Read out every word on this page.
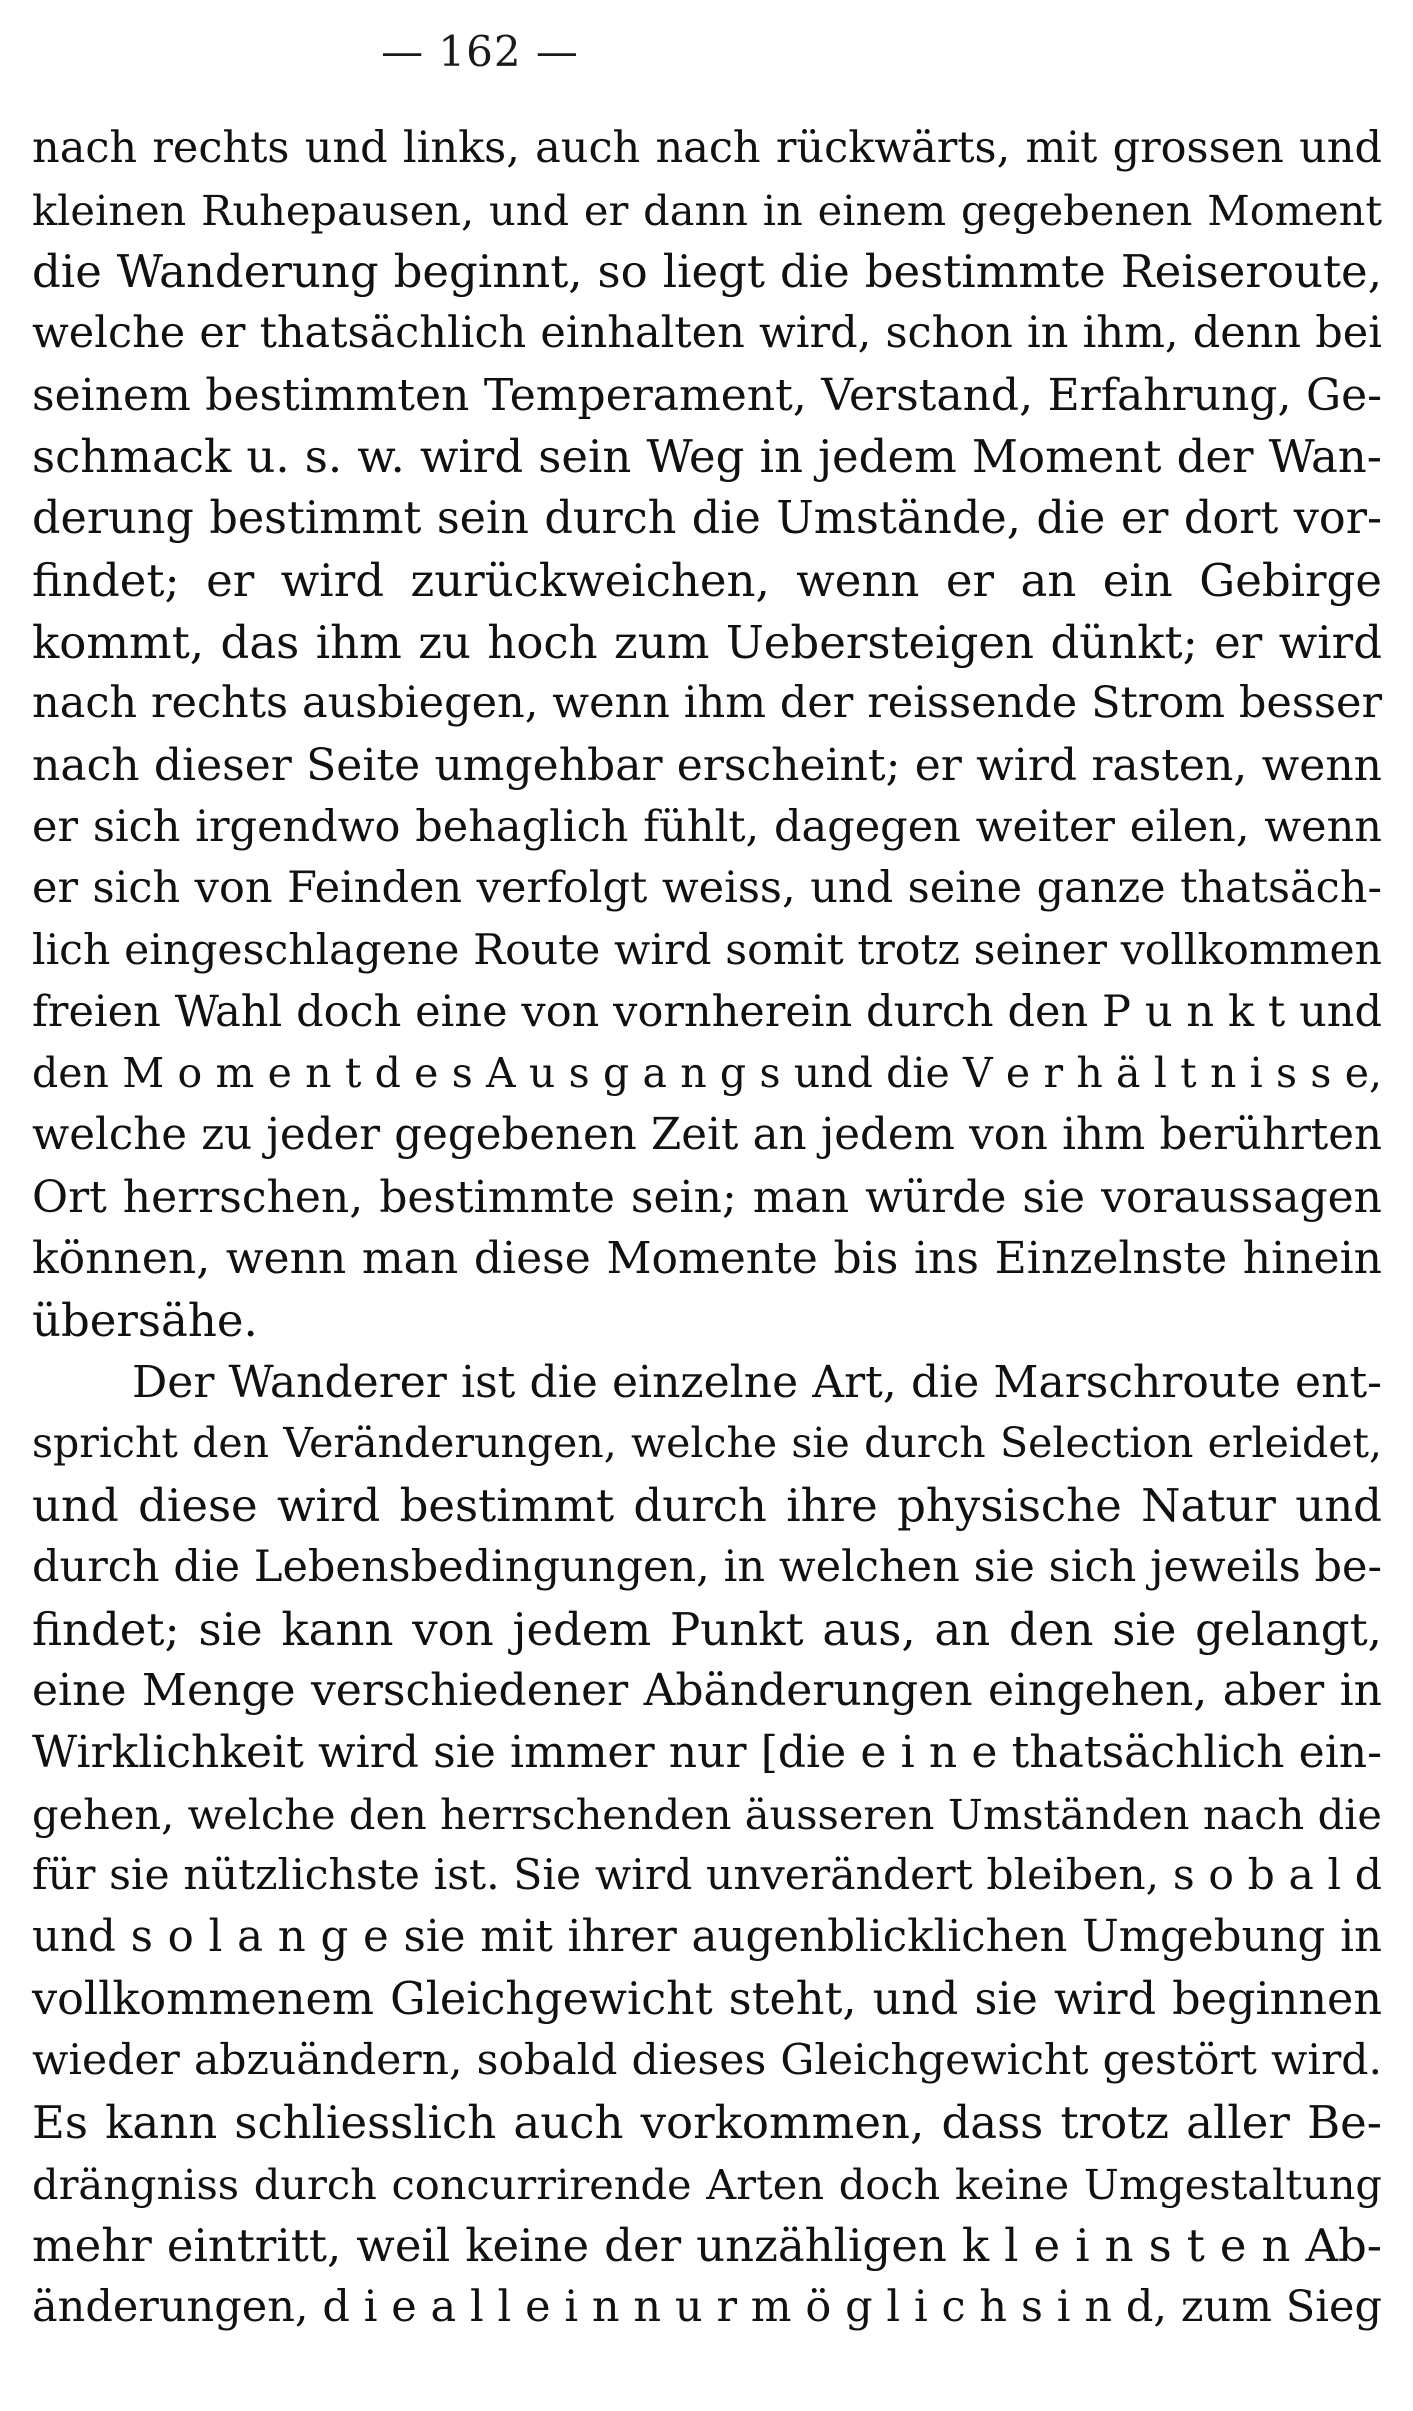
— 162 —
nach rechts und links, auch nach rückwärts, mit grossen und
kleinen Ruhepausen, und er dann in einem gegebenen Moment
die Wanderung beginnt, so liegt die bestimmte Reiseroute,
welche er thatsächlich einhalten wird, schon in ihm, denn bei
seinem bestimmten Temperament, Verstand, Erfahrung, Ge-
schmack u. s. w. wird sein Weg in jedem Moment der Wan-
derung bestimmt sein durch die Umstände, die er dort vor-
findet; er wird zurückweichen, wenn er an ein Gebirge
kommt, das ihm zu hoch zum Uebersteigen dünkt; er wird
nach rechts ausbiegen, wenn ihm der reissende Strom besser
nach dieser Seite umgehbar erscheint; er wird rasten, wenn
er sich irgendwo behaglich fühlt, dagegen weiter eilen, wenn
er sich von Feinden verfolgt weiss, und seine ganze thatsäch-
lich eingeschlagene Route wird somit trotz seiner vollkommen
freien Wahl doch eine von vornherein durch den P u n k t und
den M o m e n t d e s A u s g a n g s und die V e r h ä l t n i s s e,
welche zu jeder gegebenen Zeit an jedem von ihm berührten
Ort herrschen, bestimmte sein; man würde sie voraussagen
können, wenn man diese Momente bis ins Einzelnste hinein
übersähe.
Der Wanderer ist die einzelne Art, die Marschroute ent-
spricht den Veränderungen, welche sie durch Selection erleidet,
und diese wird bestimmt durch ihre physische Natur und
durch die Lebensbedingungen, in welchen sie sich jeweils be-
findet; sie kann von jedem Punkt aus, an den sie gelangt,
eine Menge verschiedener Abänderungen eingehen, aber in
Wirklichkeit wird sie immer nur [die e i n e thatsächlich ein-
gehen, welche den herrschenden äusseren Umständen nach die
für sie nützlichste ist. Sie wird unverändert bleiben, s o b a l d
und s o l a n g e sie mit ihrer augenblicklichen Umgebung in
vollkommenem Gleichgewicht steht, und sie wird beginnen
wieder abzuändern, sobald dieses Gleichgewicht gestört wird.
Es kann schliesslich auch vorkommen, dass trotz aller Be-
drängniss durch concurrirende Arten doch keine Umgestaltung
mehr eintritt, weil keine der unzähligen k l e i n s t e n Ab-
änderungen, d i e a l l e i n n u r m ö g l i c h s i n d, zum Sieg
